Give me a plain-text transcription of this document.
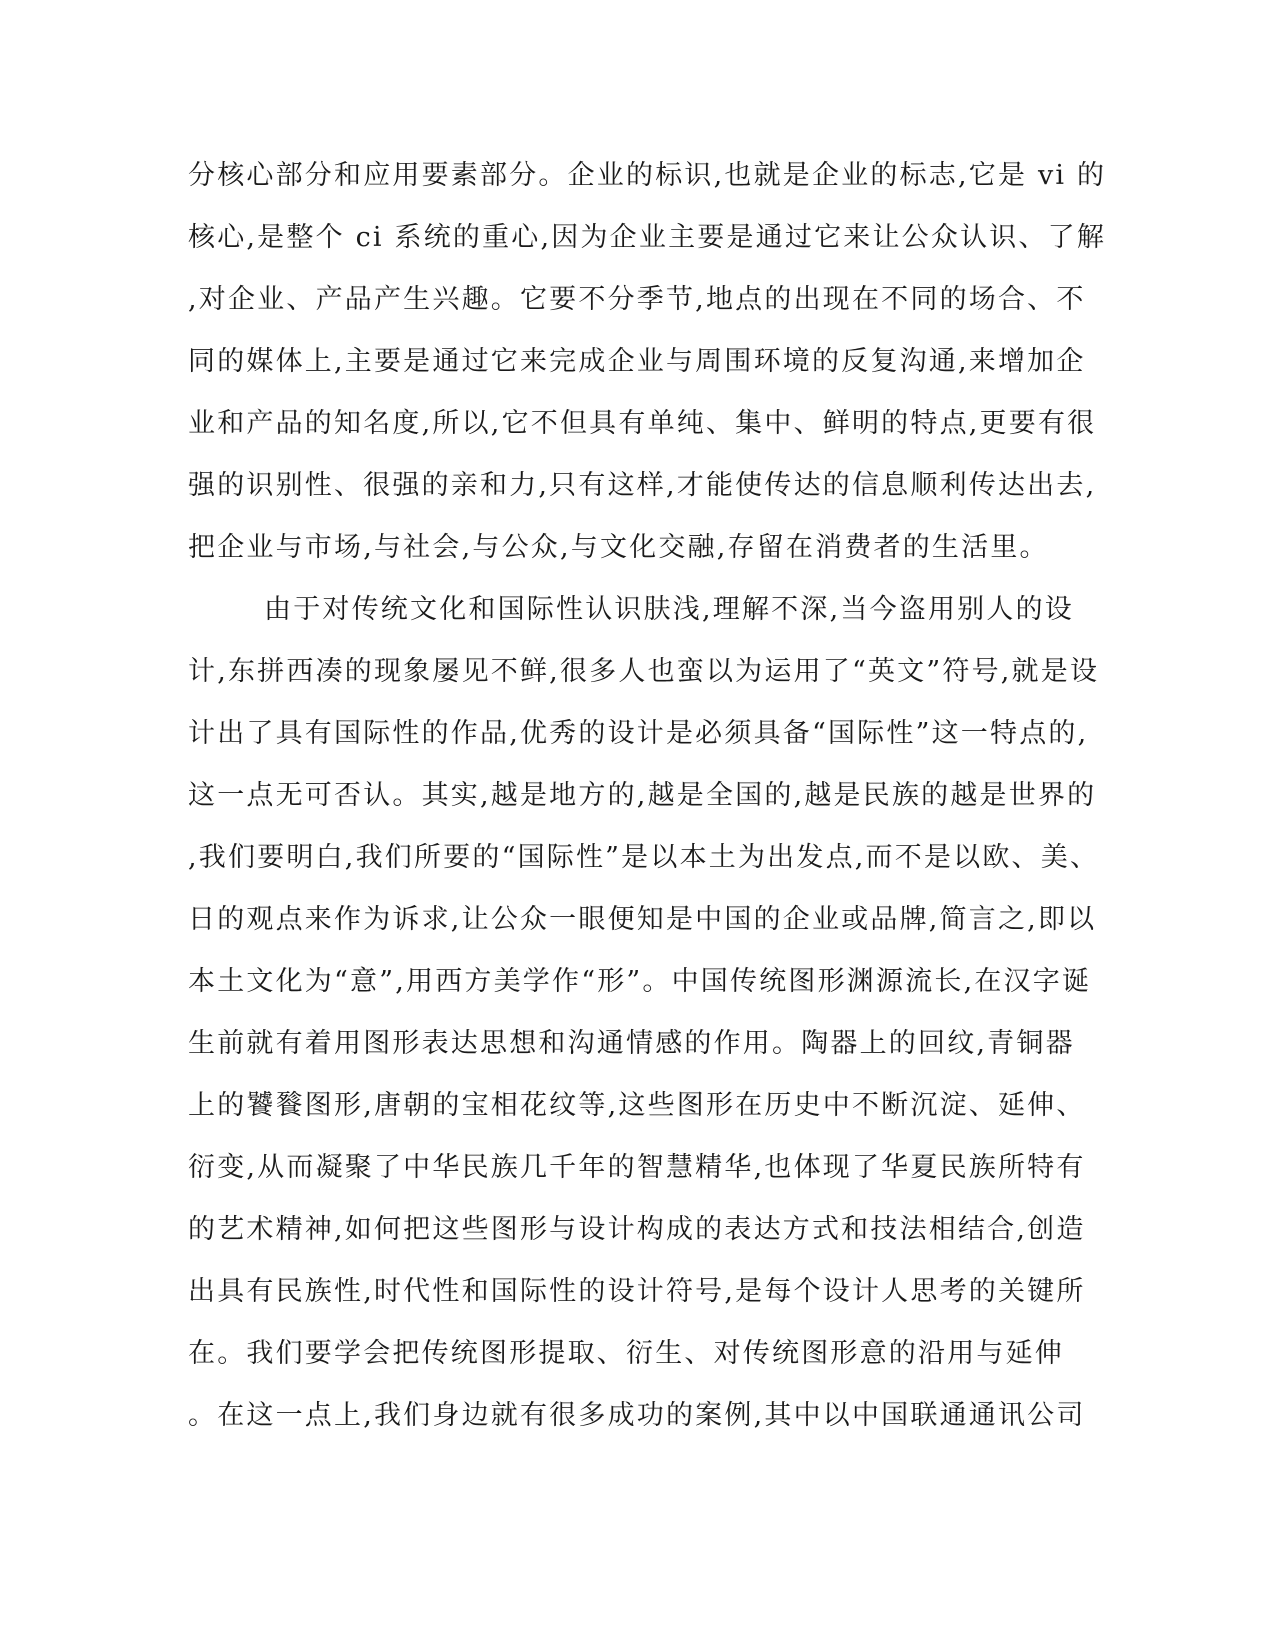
分核心部分和应用要素部分。企业的标识,也就是企业的标志,它是 vi 的
核心,是整个 ci 系统的重心,因为企业主要是通过它来让公众认识、了解
,对企业、产品产生兴趣。它要不分季节,地点的出现在不同的场合、不
同的媒体上,主要是通过它来完成企业与周围环境的反复沟通,来增加企
业和产品的知名度,所以,它不但具有单纯、集中、鲜明的特点,更要有很
强的识别性、很强的亲和力,只有这样,才能使传达的信息顺利传达出去,
把企业与市场,与社会,与公众,与文化交融,存留在消费者的生活里。
由于对传统文化和国际性认识肤浅,理解不深,当今盗用别人的设
计,东拼西凑的现象屡见不鲜,很多人也蛮以为运用了“英文”符号,就是设
计出了具有国际性的作品,优秀的设计是必须具备“国际性”这一特点的,
这一点无可否认。其实,越是地方的,越是全国的,越是民族的越是世界的
,我们要明白,我们所要的“国际性”是以本土为出发点,而不是以欧、美、
日的观点来作为诉求,让公众一眼便知是中国的企业或品牌,简言之,即以
本土文化为“意”,用西方美学作“形”。中国传统图形渊源流长,在汉字诞
生前就有着用图形表达思想和沟通情感的作用。陶器上的回纹,青铜器
上的饕餮图形,唐朝的宝相花纹等,这些图形在历史中不断沉淀、延伸、
衍变,从而凝聚了中华民族几千年的智慧精华,也体现了华夏民族所特有
的艺术精神,如何把这些图形与设计构成的表达方式和技法相结合,创造
出具有民族性,时代性和国际性的设计符号,是每个设计人思考的关键所
在。我们要学会把传统图形提取、衍生、对传统图形意的沿用与延伸
。在这一点上,我们身边就有很多成功的案例,其中以中国联通通讯公司
